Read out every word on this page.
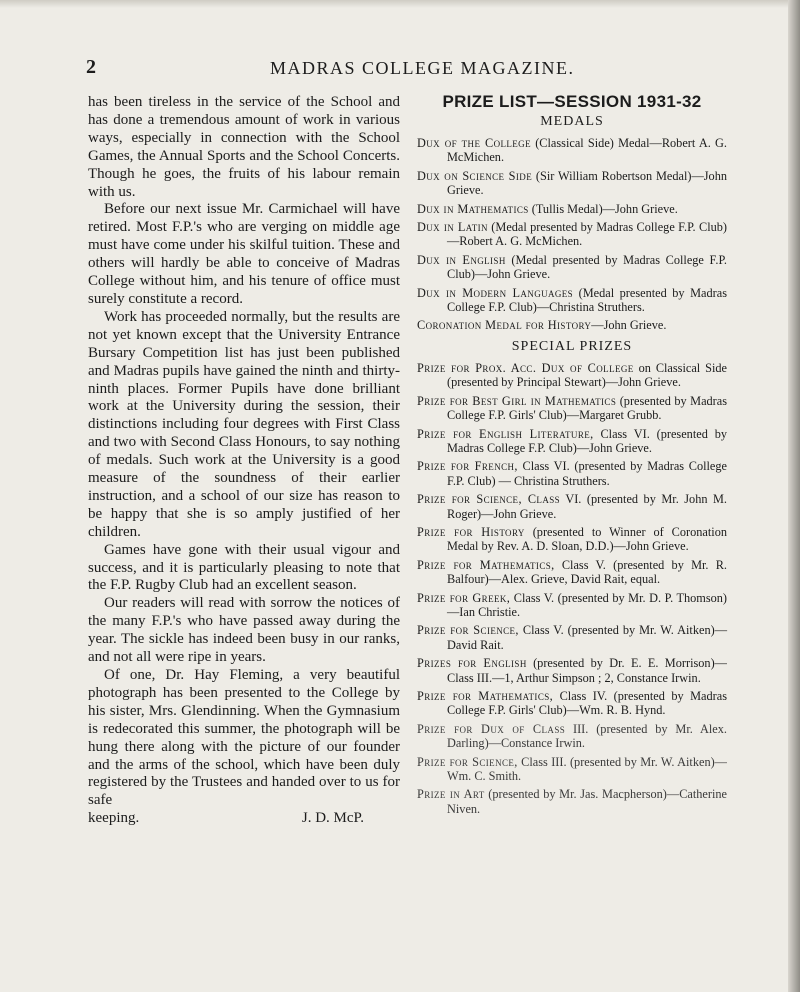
2	MADRAS COLLEGE MAGAZINE.

has been tireless in the service of the School and has done a tremendous amount of work in various ways, especially in connection with the School Games, the Annual Sports and the School Concerts. Though he goes, the fruits of his labour remain with us.

Before our next issue Mr. Carmichael will have retired. Most F.P.'s who are verging on middle age must have come under his skilful tuition. These and others will hardly be able to conceive of Madras College without him, and his tenure of office must surely constitute a record.

Work has proceeded normally, but the results are not yet known except that the University Entrance Bursary Competition list has just been published and Madras pupils have gained the ninth and thirty-ninth places. Former Pupils have done brilliant work at the University during the session, their distinctions including four degrees with First Class and two with Second Class Honours, to say nothing of medals. Such work at the University is a good measure of the soundness of their earlier instruction, and a school of our size has reason to be happy that she is so amply justified of her children.

Games have gone with their usual vigour and success, and it is particularly pleasing to note that the F.P. Rugby Club had an excellent season.

Our readers will read with sorrow the notices of the many F.P.'s who have passed away during the year. The sickle has indeed been busy in our ranks, and not all were ripe in years.

Of one, Dr. Hay Fleming, a very beautiful photograph has been presented to the College by his sister, Mrs. Glendinning. When the Gymnasium is redecorated this summer, the photograph will be hung there along with the picture of our founder and the arms of the school, which have been duly registered by the Trustees and handed over to us for safe

keeping.	J. D. McP.
PRIZE LIST—SESSION 1931-32
MEDALS

Dux of the College (Classical Side) Medal—Robert A. G. McMichen.

Dux on Science Side (Sir William Robertson Medal)—John Grieve.

Dux in Mathematics (Tullis Medal)—John Grieve.

Dux in Latin (Medal presented by Madras College F.P. Club)—Robert A. G. McMichen.

Dux in English (Medal presented by Madras College F.P. Club)—John Grieve.

Dux in Modern Languages (Medal presented by Madras College F.P. Club)—Christina Struthers.

Coronation Medal for History—John Grieve.

SPECIAL PRIZES

Prize for Prox. Acc. Dux of College on Classical Side (presented by Principal Stewart)—John Grieve.

Prize for Best Girl in Mathematics (presented by Madras College F.P. Girls' Club)—Margaret Grubb.

Prize for English Literature, Class VI. (presented by Madras College F.P. Club)—John Grieve.

Prize for French, Class VI. (presented by Madras College F.P. Club) — Christina Struthers.

Prize for Science, Class VI. (presented by Mr. John M. Roger)—John Grieve.

Prize for History (presented to Winner of Coronation Medal by Rev. A. D. Sloan, D.D.)—John Grieve.

Prize for Mathematics, Class V. (presented by Mr. R. Balfour)—Alex. Grieve, David Rait, equal.

Prize for Greek, Class V. (presented by Mr. D. P. Thomson)—Ian Christie.

Prize for Science, Class V. (presented by Mr. W. Aitken)—David Rait.

Prizes for English (presented by Dr. E. E. Morrison)—Class III.—1, Arthur Simpson ; 2, Constance Irwin.

Prize for Mathematics, Class IV. (presented by Madras College F.P. Girls' Club)—Wm. R. B. Hynd.

Prize for Dux of Class III. (presented by Mr. Alex. Darling)—Constance Irwin.

Prize for Science, Class III. (presented by Mr. W. Aitken)—Wm. C. Smith.

Prize in Art (presented by Mr. Jas. Macpherson)—Catherine Niven.
